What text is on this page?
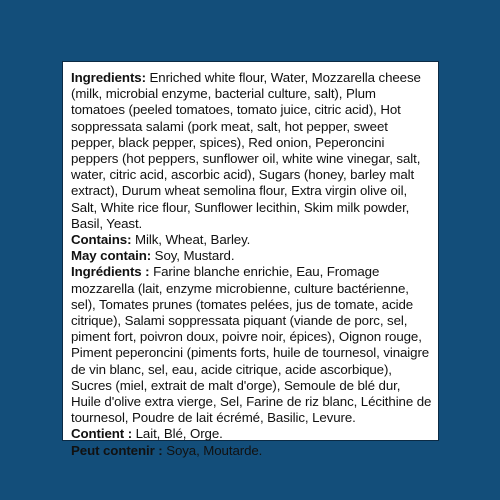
Ingredients: Enriched white flour, Water, Mozzarella cheese (milk, microbial enzyme, bacterial culture, salt), Plum tomatoes (peeled tomatoes, tomato juice, citric acid), Hot soppressata salami (pork meat, salt, hot pepper, sweet pepper, black pepper, spices), Red onion, Peperoncini peppers (hot peppers, sunflower oil, white wine vinegar, salt, water, citric acid, ascorbic acid), Sugars (honey, barley malt extract), Durum wheat semolina flour, Extra virgin olive oil, Salt, White rice flour, Sunflower lecithin, Skim milk powder, Basil, Yeast.

Contains: Milk, Wheat, Barley.

May contain: Soy, Mustard.

Ingrédients : Farine blanche enrichie, Eau, Fromage mozzarella (lait, enzyme microbienne, culture bactérienne, sel), Tomates prunes (tomates pelées, jus de tomate, acide citrique), Salami soppressata piquant (viande de porc, sel, piment fort, poivron doux, poivre noir, épices), Oignon rouge, Piment peperoncini (piments forts, huile de tournesol, vinaigre de vin blanc, sel, eau, acide citrique, acide ascorbique), Sucres (miel, extrait de malt d'orge), Semoule de blé dur, Huile d'olive extra vierge, Sel, Farine de riz blanc, Lécithine de tournesol, Poudre de lait écrémé, Basilic, Levure.

Contient : Lait, Blé, Orge.

Peut contenir : Soya, Moutarde.
